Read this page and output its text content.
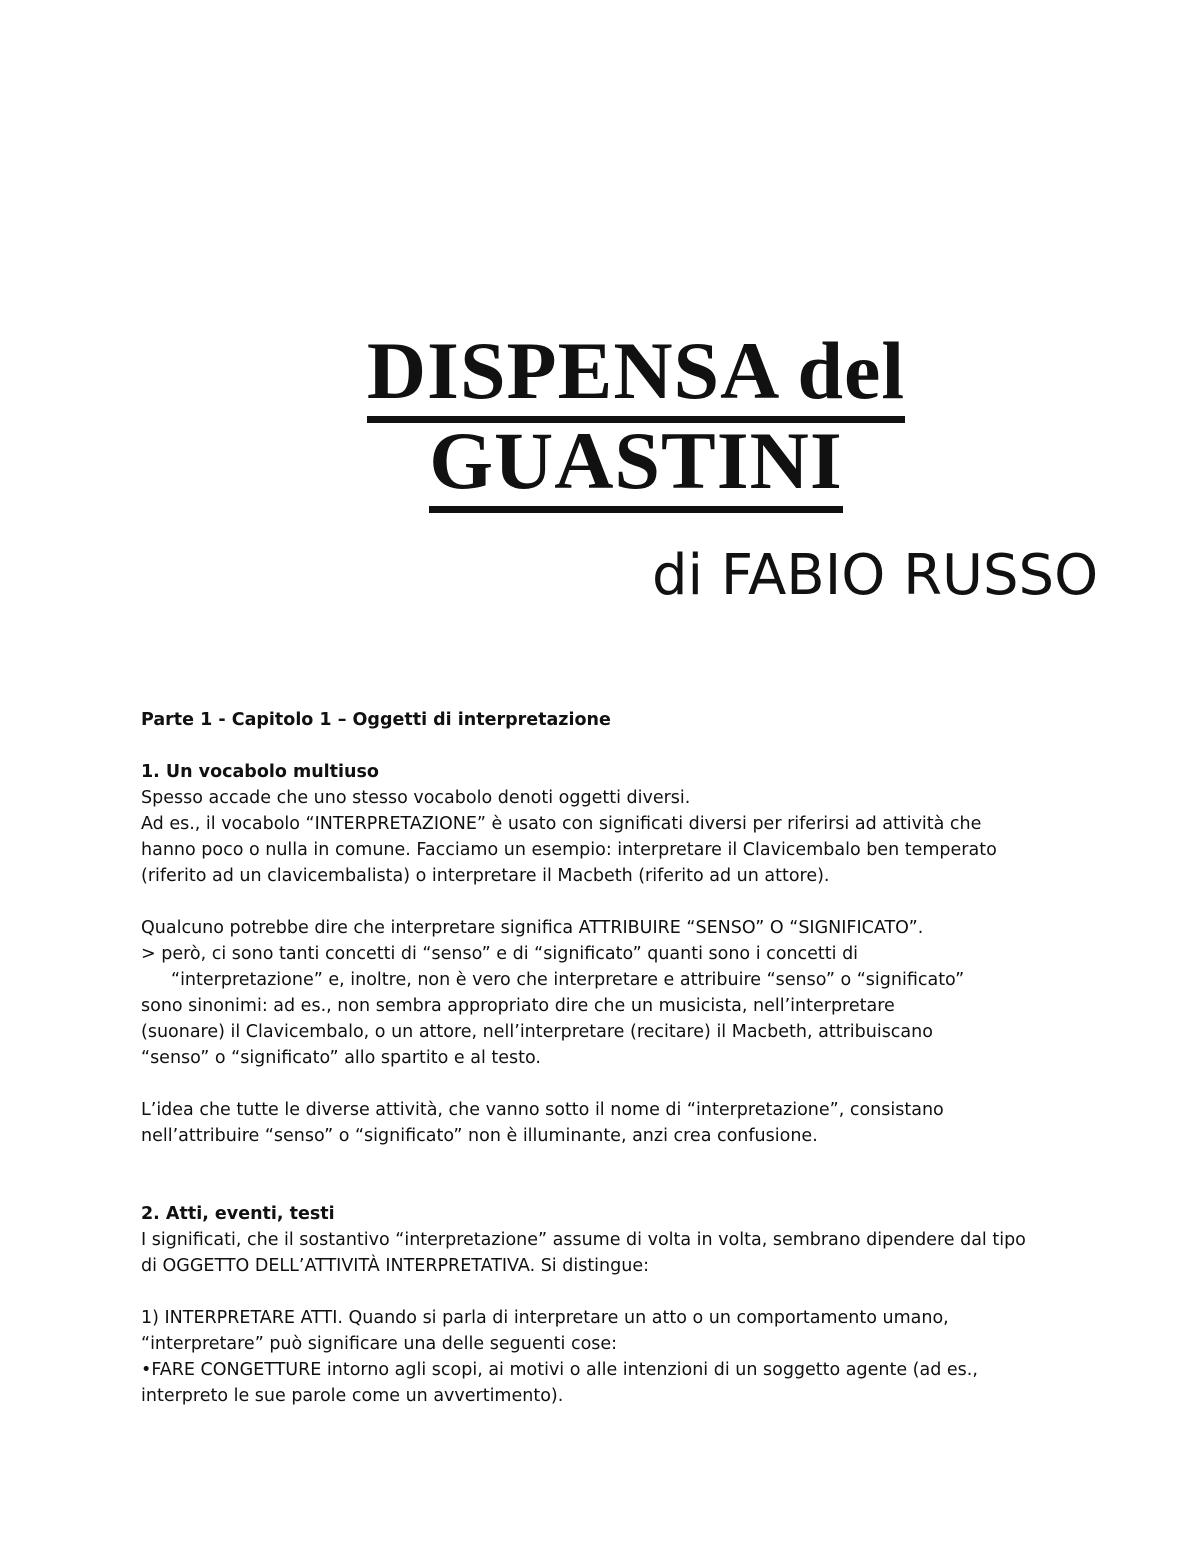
DISPENSA del
GUASTINI
di FABIO RUSSO
Parte 1 - Capitolo 1 – Oggetti di interpretazione
1. Un vocabolo multiuso
Spesso accade che uno stesso vocabolo denoti oggetti diversi.
Ad es., il vocabolo “INTERPRETAZIONE” è usato con significati diversi per riferirsi ad attività che
hanno poco o nulla in comune. Facciamo un esempio: interpretare il Clavicembalo ben temperato
(riferito ad un clavicembalista) o interpretare il Macbeth (riferito ad un attore).
Qualcuno potrebbe dire che interpretare significa ATTRIBUIRE “SENSO” O “SIGNIFICATO”.
> però, ci sono tanti concetti di “senso” e di “significato” quanti sono i concetti di
“interpretazione” e, inoltre, non è vero che interpretare e attribuire “senso” o “significato”
sono sinonimi: ad es., non sembra appropriato dire che un musicista, nell’interpretare
(suonare) il Clavicembalo, o un attore, nell’interpretare (recitare) il Macbeth, attribuiscano
“senso” o “significato” allo spartito e al testo.
L’idea che tutte le diverse attività, che vanno sotto il nome di “interpretazione”, consistano
nell’attribuire “senso” o “significato” non è illuminante, anzi crea confusione.
2. Atti, eventi, testi
I significati, che il sostantivo “interpretazione” assume di volta in volta, sembrano dipendere dal tipo
di OGGETTO DELL’ATTIVITÀ INTERPRETATIVA. Si distingue:
1) INTERPRETARE ATTI. Quando si parla di interpretare un atto o un comportamento umano,
“interpretare” può significare una delle seguenti cose:
•FARE CONGETTURE intorno agli scopi, ai motivi o alle intenzioni di un soggetto agente (ad es.,
interpreto le sue parole come un avvertimento).
